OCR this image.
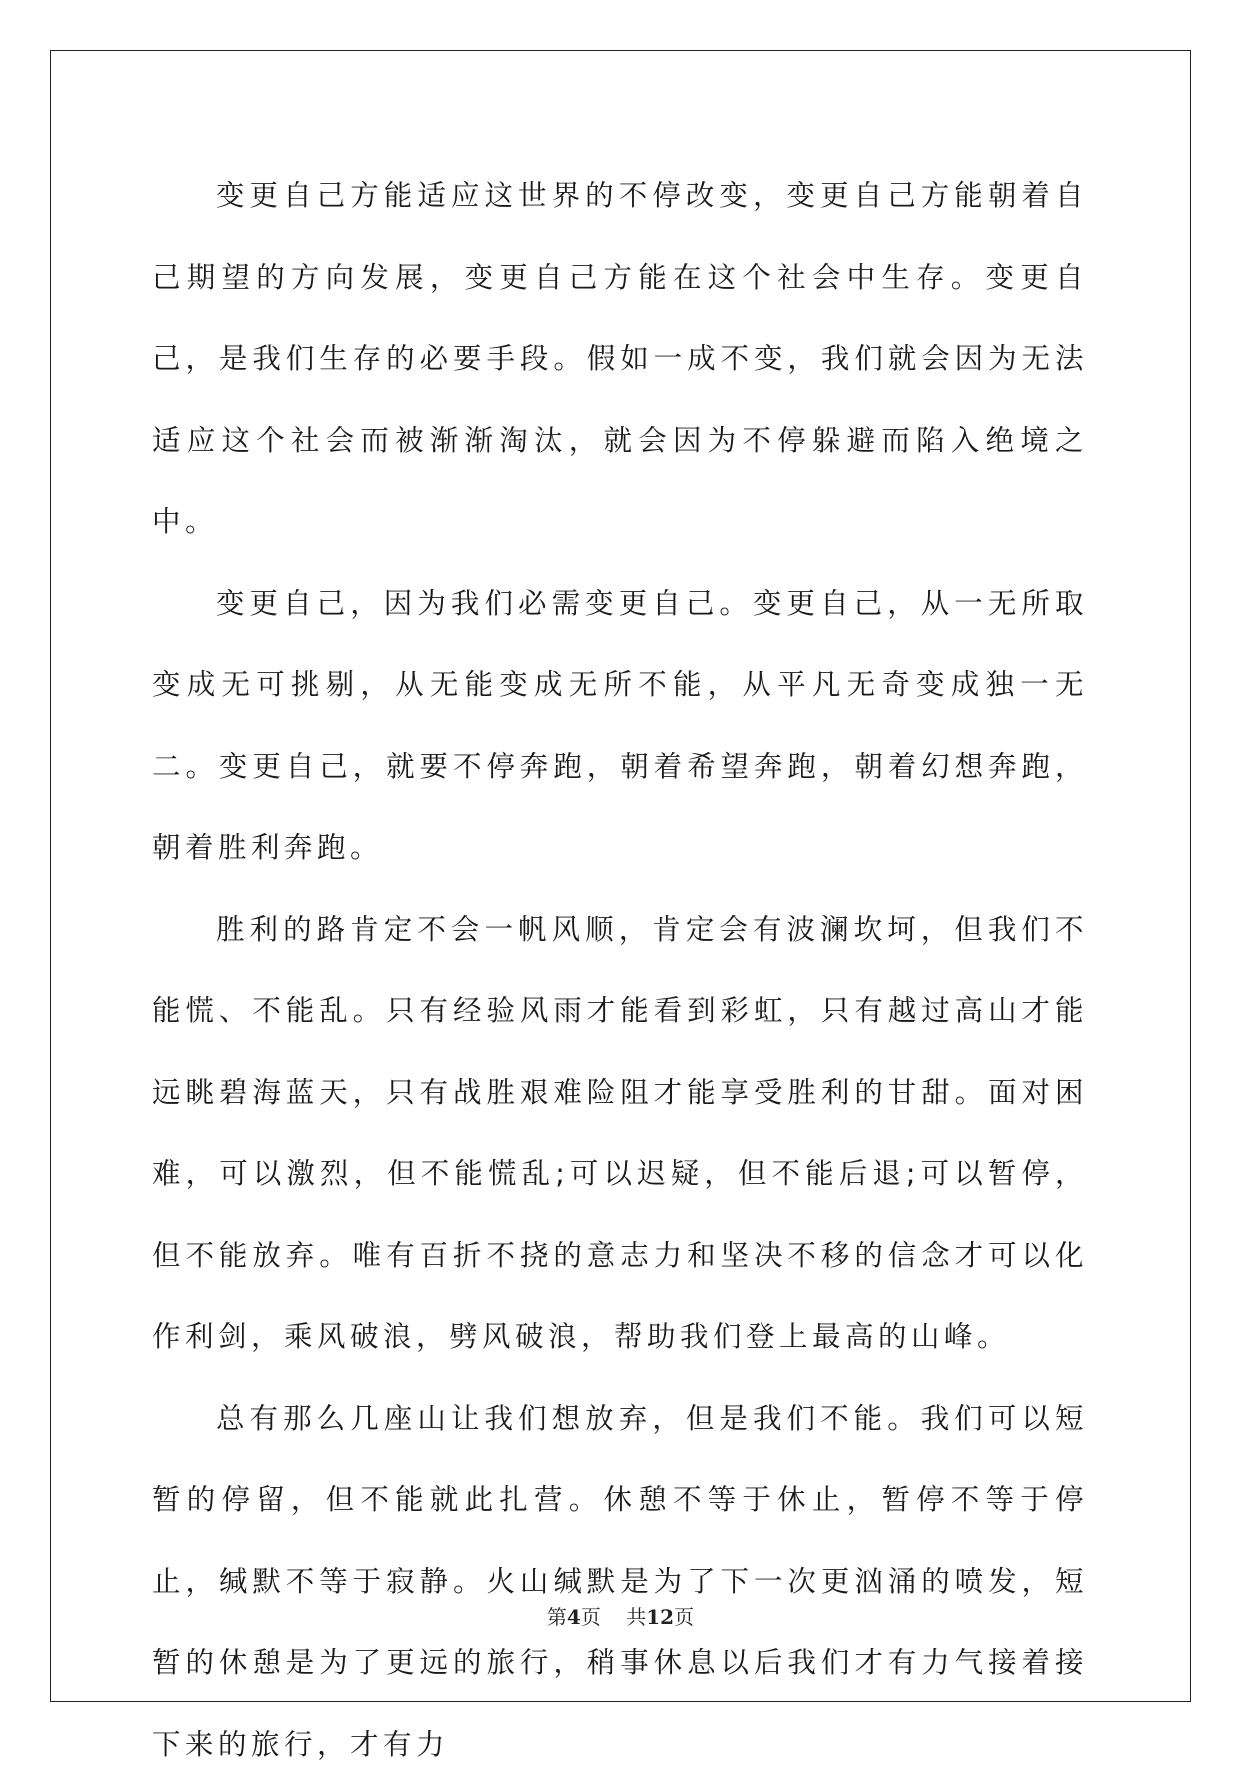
变更自己方能适应这世界的不停改变，变更自己方能朝着自己期望的方向发展，变更自己方能在这个社会中生存。变更自己，是我们生存的必要手段。假如一成不变，我们就会因为无法适应这个社会而被渐渐淘汰，就会因为不停躲避而陷入绝境之中。

变更自己，因为我们必需变更自己。变更自己，从一无所取变成无可挑剔，从无能变成无所不能，从平凡无奇变成独一无二。变更自己，就要不停奔跑，朝着希望奔跑，朝着幻想奔跑，朝着胜利奔跑。

胜利的路肯定不会一帆风顺，肯定会有波澜坎坷，但我们不能慌、不能乱。只有经验风雨才能看到彩虹，只有越过高山才能远眺碧海蓝天，只有战胜艰难险阻才能享受胜利的甘甜。面对困难，可以激烈，但不能慌乱;可以迟疑，但不能后退;可以暂停，但不能放弃。唯有百折不挠的意志力和坚决不移的信念才可以化作利剑，乘风破浪，劈风破浪，帮助我们登上最高的山峰。

总有那么几座山让我们想放弃，但是我们不能。我们可以短暂的停留，但不能就此扎营。休憩不等于休止，暂停不等于停止，缄默不等于寂静。火山缄默是为了下一次更汹涌的喷发，短暂的休憩是为了更远的旅行，稍事休息以后我们才有力气接着接下来的旅行，才有力

第4页 共12页
